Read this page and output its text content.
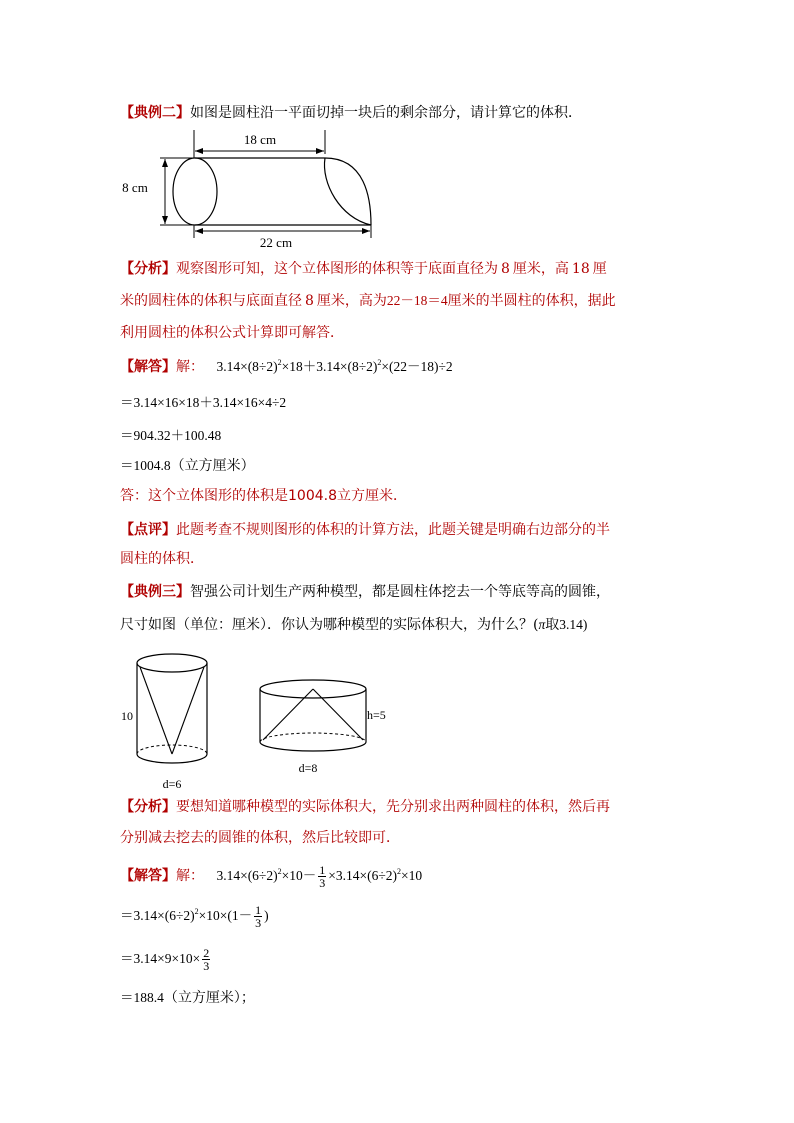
【典例二】如图是圆柱沿一平面切掉一块后的剩余部分，请计算它的体积．
18 cm
8 cm
22 cm
【分析】观察图形可知，这个立体图形的体积等于底面直径为 8 厘米，高 18 厘
米的圆柱体的体积与底面直径 8 厘米，高为22－18＝4厘米的半圆柱的体积，据此
利用圆柱的体积公式计算即可解答．
【解答】解： $3.14\times(8\div 2)^2\times 18+3.14\times(8\div 2)^2\times(22-18)\div 2$
＝3.14×16×18＋3.14×16×4÷2
＝904.32＋100.48
＝1004.8（立方厘米）
答：这个立体图形的体积是1004.8立方厘米．
【点评】此题考查不规则图形的体积的计算方法，此题关键是明确右边部分的半
圆柱的体积．
【典例三】智强公司计划生产两种模型，都是圆柱体挖去一个等底等高的圆锥，
尺寸如图（单位：厘米）．你认为哪种模型的实际体积大，为什么？(π取3.14)
10
d=6
h=5
d=8
【分析】要想知道哪种模型的实际体积大，先分别求出两种圆柱的体积，然后再
分别减去挖去的圆锥的体积，然后比较即可．
【解答】解： $3.14\times(6\div 2)^2\times 10- \frac{1}{3} \times 3.14\times(6\div 2)^2\times 10$
$=3.14\times(6\div 2)^2\times 10\times(1- \frac{1}{3}$ )
$=3.14\times 9\times 10\times \frac{2}{3}$
＝188.4（立方厘米）；
